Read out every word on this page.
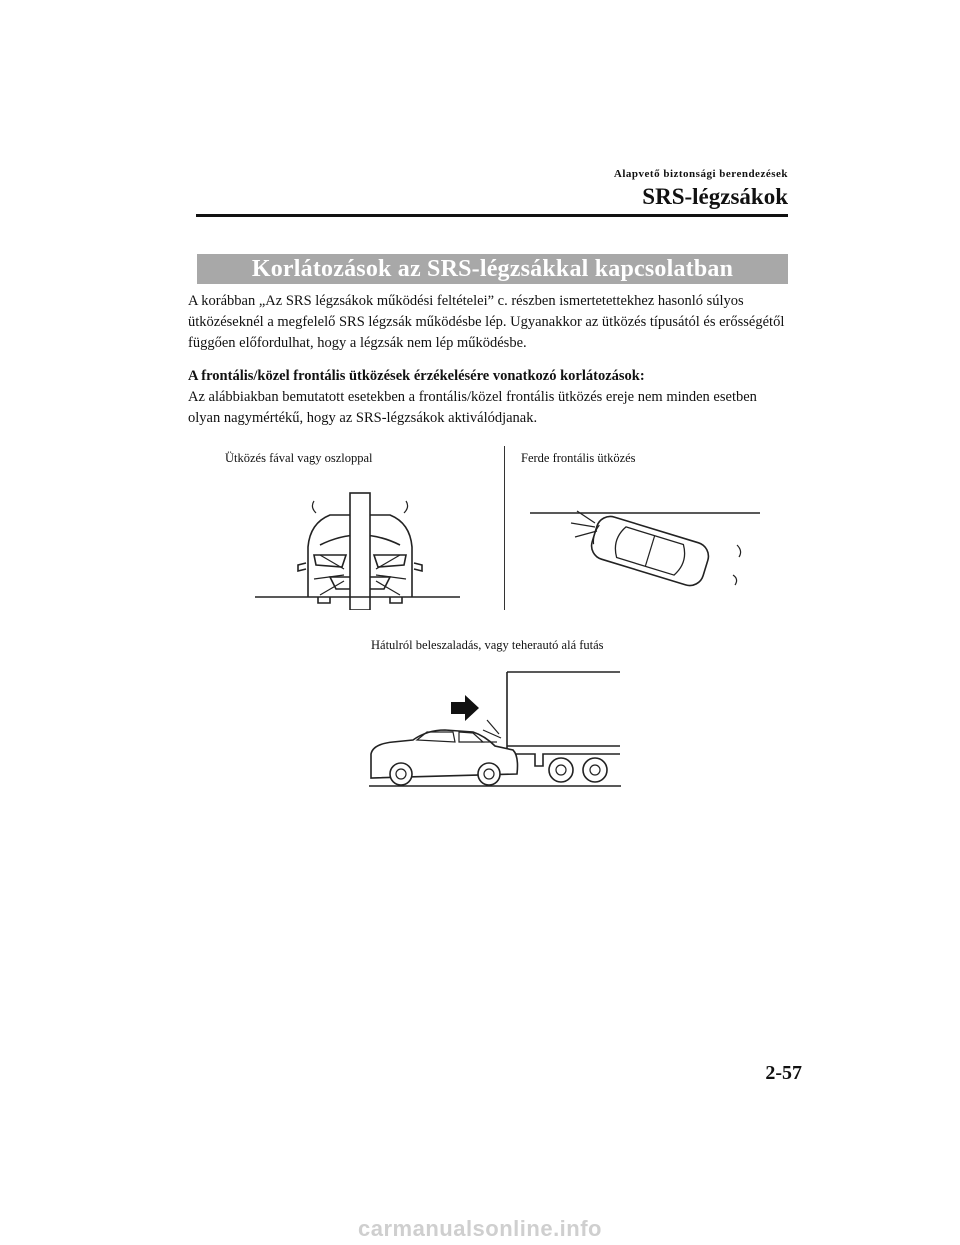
Alapvető biztonsági berendezések
SRS-légzsákok
Korlátozások az SRS-légzsákkal kapcsolatban
A korábban „Az SRS légzsákok működési feltételei” c. részben ismertetettekhez hasonló súlyos ütközéseknél a megfelelő SRS légzsák működésbe lép. Ugyanakkor az ütközés típusától és erősségétől függően előfordulhat, hogy a légzsák nem lép működésbe.
A frontális/közel frontális ütközések érzékelésére vonatkozó korlátozások:
Az alábbiakban bemutatott esetekben a frontális/közel frontális ütközés ereje nem minden esetben olyan nagymértékű, hogy az SRS-légzsákok aktiválódjanak.
Ütközés fával vagy oszloppal	Ferde frontális ütközés
Hátulról beleszaladás, vagy teherautó alá futás
2-57
carmanualsonline.info
